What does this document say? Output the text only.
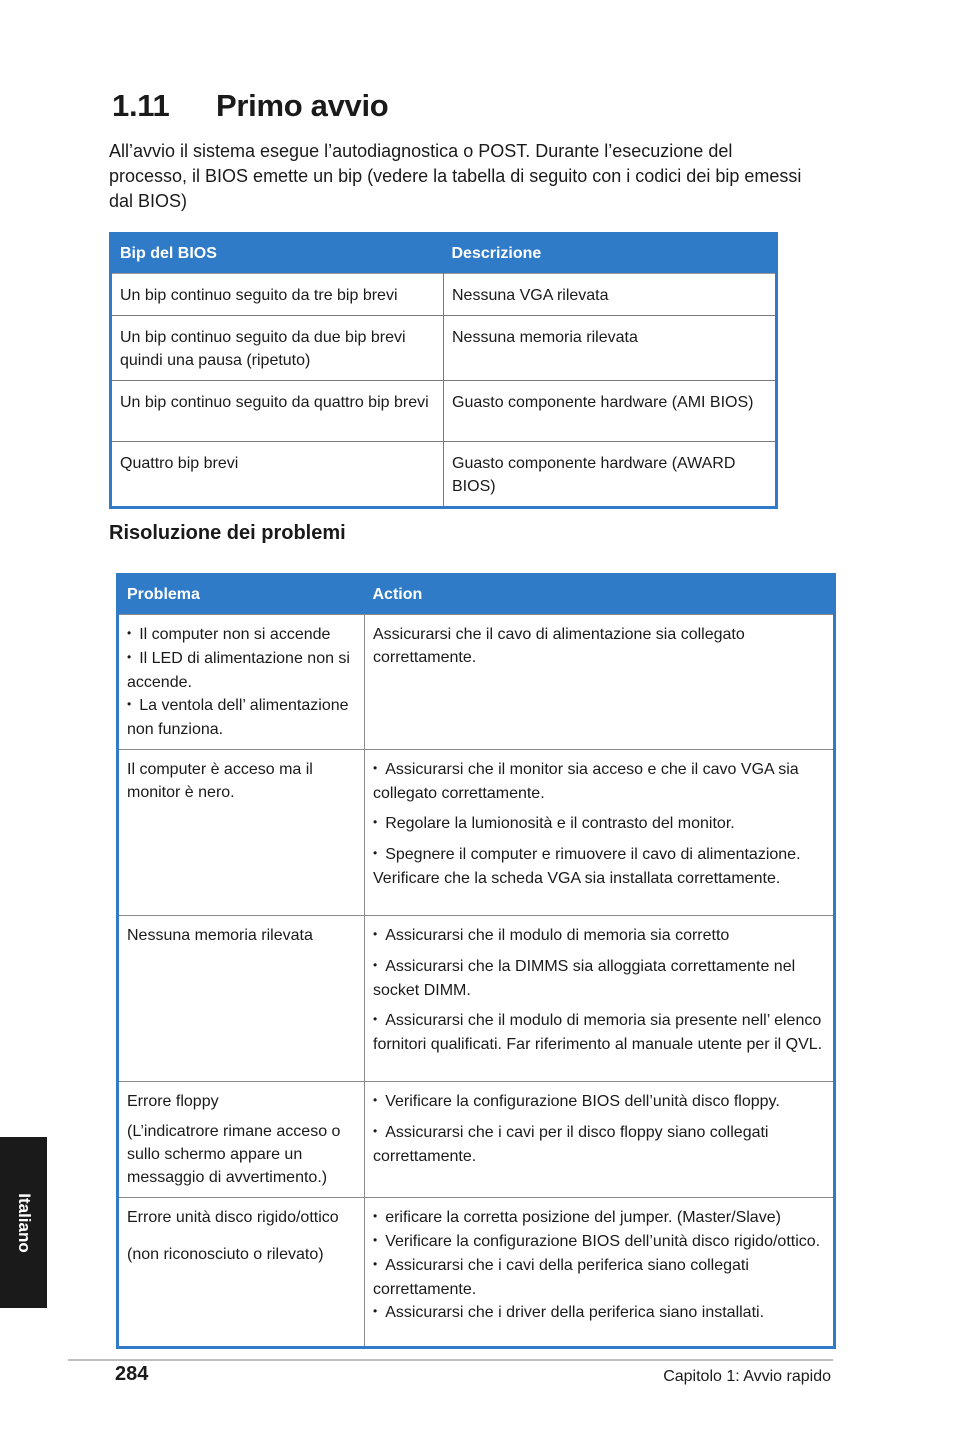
1.11 Primo avvio

All’avvio il sistema esegue l’autodiagnostica o POST. Durante l’esecuzione del processo, il BIOS emette un bip (vedere la tabella di seguito con i codici dei bip emessi dal BIOS)

Bip del BIOS	Descrizione
Un bip continuo seguito da tre bip brevi	Nessuna VGA rilevata
Un bip continuo seguito da due bip brevi quindi una pausa (ripetuto)	Nessuna memoria rilevata
Un bip continuo seguito da quattro bip brevi	Guasto componente hardware (AMI BIOS)
Quattro bip brevi	Guasto componente hardware (AWARD BIOS)
Risoluzione dei problemi
Problema	Action

• Il computer non si accende
• Il LED di alimentazione non si accende.
• La ventola dell’ alimentazione non funziona.	Assicurarsi che il cavo di alimentazione sia collegato correttamente.

Il computer è acceso ma il monitor è nero.	• Assicurarsi che il monitor sia acceso e che il cavo VGA sia collegato correttamente.
• Regolare la lumionosità e il contrasto del monitor.
• Spegnere il computer e rimuovere il cavo di alimentazione. Verificare che la scheda VGA sia installata correttamente.

Nessuna memoria rilevata	• Assicurarsi che il modulo di memoria sia corretto
• Assicurarsi che la DIMMS sia alloggiata correttamente nel socket DIMM.
• Assicurarsi che il modulo di memoria sia presente nell’ elenco fornitori qualificati. Far riferimento al manuale utente per il QVL.

Errore floppy
(L’indicatrore rimane acceso o sullo schermo appare un messaggio di avvertimento.)	• Verificare la configurazione BIOS dell’unità disco floppy.
• Assicurarsi che i cavi per il disco floppy siano collegati correttamente.

Errore unità disco rigido/ottico
(non riconosciuto o rilevato)	• erificare la corretta posizione del jumper. (Master/Slave)
• Verificare la configurazione BIOS dell’unità disco rigido/ottico.
• Assicurarsi che i cavi della periferica siano collegati correttamente.
• Assicurarsi che i driver della periferica siano installati.
Italiano
284	Capitolo 1: Avvio rapido
